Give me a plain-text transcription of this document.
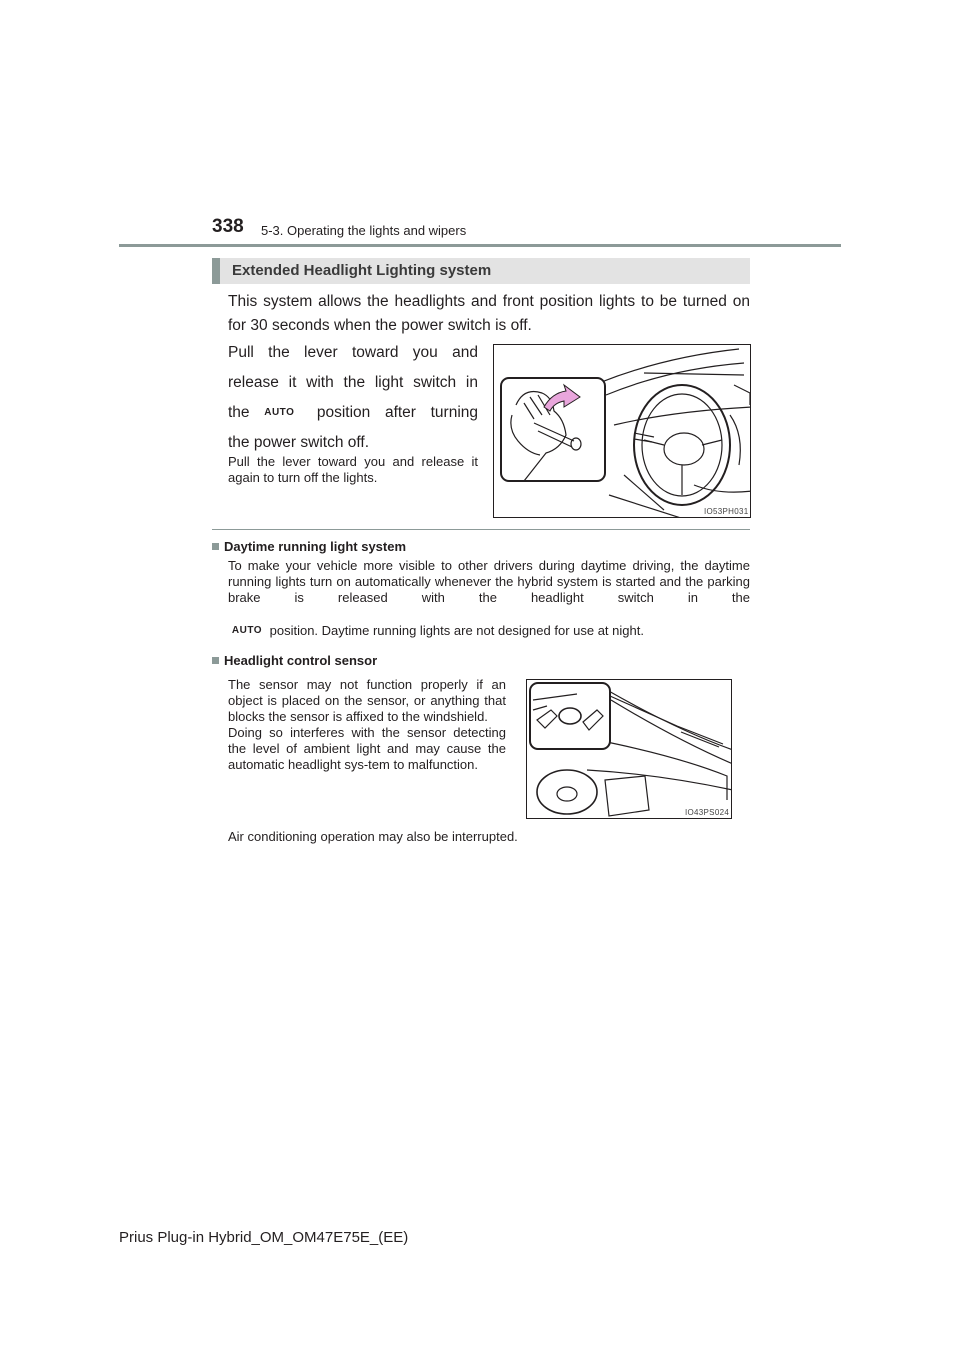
338 5-3. Operating the lights and wipers
Extended Headlight Lighting system

This system allows the headlights and front position lights to be turned on for 30 seconds when the power switch is off.

Pull the lever toward you and
release it with the light switch in
the AUTO position after turning
the power switch off.

Pull the lever toward you and release it again to turn off the lights.

IO53PH031
Daytime running light system

To make your vehicle more visible to other drivers during daytime driving, the daytime running lights turn on automatically whenever the hybrid system is started and the parking brake is released with the headlight switch in the

AUTO position. Daytime running lights are not designed for use at night.
Headlight control sensor

The sensor may not function properly if an object is placed on the sensor, or anything that blocks the sensor is affixed to the windshield.

Doing so interferes with the sensor detecting the level of ambient light and may cause the automatic headlight sys-tem to malfunction.

IO43PS024

Air conditioning operation may also be interrupted.

Prius Plug-in Hybrid_OM_OM47E75E_(EE)
